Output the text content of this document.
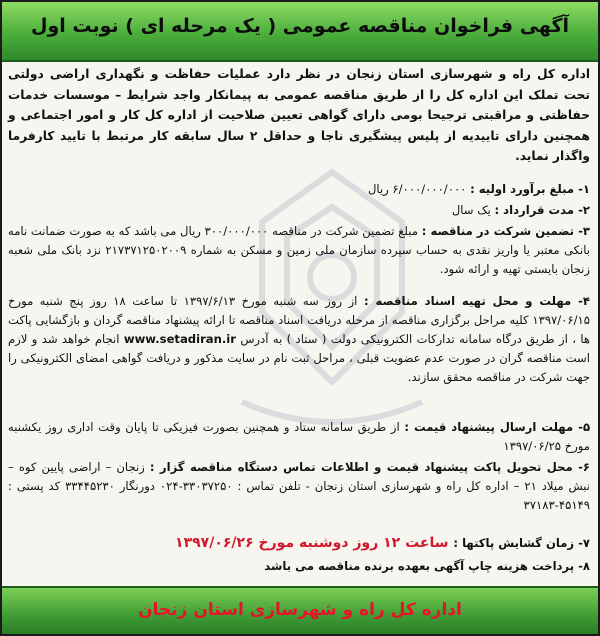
آگهی فراخوان مناقصه عمومی ( یک مرحله ای ) نوبت اول

اداره کل راه و شهرسازی استان زنجان در نظر دارد عملیات حفاظت و نگهداری اراضی دولتی تحت تملک این اداره کل را از طریق مناقصه عمومی به پیمانکار واجد شرایط – موسسات خدمات حفاظتی و مراقبتی ترجیحا بومی دارای گواهی تعیین صلاحیت از اداره کل کار و امور اجتماعی و همچنین دارای تاییدیه از پلیس پیشگیری ناجا و حداقل ۲ سال سابقه کار مرتبط با تایید کارفرما واگذار نماید.

۱- مبلغ برآورد اولیه : ۶/۰۰۰/۰۰۰/۰۰۰ ریال

۲- مدت قرارداد : یک سال

۳- تضمین شرکت در مناقصه : مبلغ تضمین شرکت در مناقصه ۳۰۰/۰۰۰/۰۰۰ ریال می باشد که به صورت ضمانت نامه بانکی معتبر یا واریز نقدی به حساب سپرده سازمان ملی زمین و مسکن به شماره ۲۱۷۳۷۱۲۵۰۲۰۰۹ نزد بانک ملی شعبه زنجان بایستی تهیه و ارائه شود.

۴- مهلت و محل تهیه اسناد مناقصه : از روز سه شنبه مورخ ۱۳۹۷/۶/۱۳ تا ساعت ۱۸ روز پنج شنبه مورخ ۱۳۹۷/۰۶/۱۵ کلیه مراحل برگزاری مناقصه از مرحله دریافت اسناد مناقصه تا ارائه پیشنهاد مناقصه گردان و بازگشایی پاکت ها ، از طریق درگاه سامانه تدارکات الکترونیکی دولت ( ستاد ) به آدرس www.setadiran.ir انجام خواهد شد و لازم است مناقصه گران در صورت عدم عضویت قبلی ، مراحل ثبت نام در سایت مذکور و دریافت گواهی امضای الکترونیکی را جهت شرکت در مناقصه محقق سازند.

۵- مهلت ارسال پیشنهاد قیمت : از طریق سامانه ستاد و همچنین بصورت فیزیکی تا پایان وقت اداری روز یکشنبه مورخ ۱۳۹۷/۰۶/۲۵

۶- محل تحویل پاکت پیشنهاد قیمت و اطلاعات تماس دستگاه مناقصه گزار : زنجان – اراضی پایین کوه – نبش میلاد ۲۱ – اداره کل راه و شهرسازی استان زنجان - تلفن تماس : ۳۳۰۳۷۲۵۰-۰۲۴ دورنگار ۳۳۴۴۵۲۳۰ کد پستی : ۴۵۱۴۹-۳۷۱۸۳

۷- زمان گشایش پاکتها : ساعت ۱۲ روز دوشنبه مورخ ۱۳۹۷/۰۶/۲۶

۸- پرداخت هزینه چاپ آگهی بعهده برنده مناقصه می باشد

اداره کل راه و شهرسازی استان زنجان
